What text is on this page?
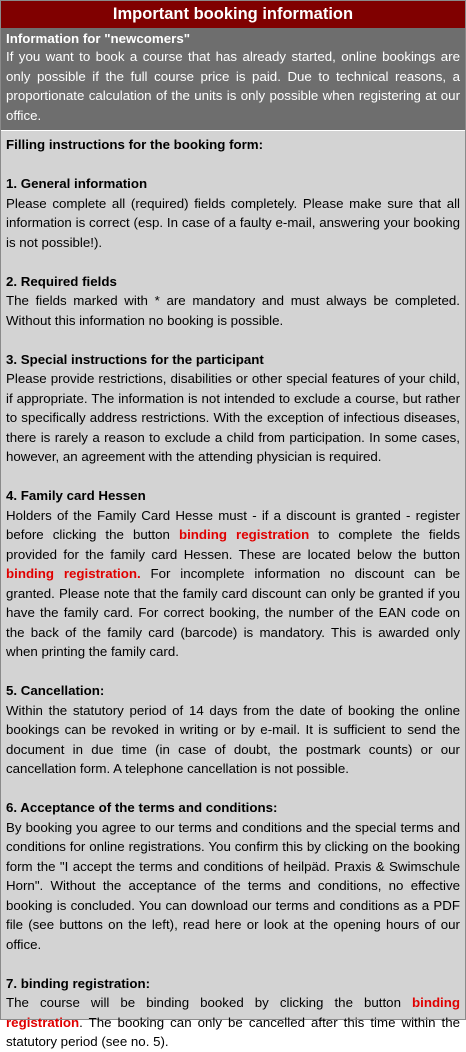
Important booking information
Information for "newcomers"
If you want to book a course that has already started, online bookings are only possible if the full course price is paid. Due to technical reasons, a proportionate calculation of the units is only possible when registering at our office.
Filling instructions for the booking form:
1. General information
Please complete all (required) fields completely. Please make sure that all information is correct (esp. In case of a faulty e-mail, answering your booking is not possible!).
2. Required fields
The fields marked with * are mandatory and must always be completed. Without this information no booking is possible.
3. Special instructions for the participant
Please provide restrictions, disabilities or other special features of your child, if appropriate. The information is not intended to exclude a course, but rather to specifically address restrictions. With the exception of infectious diseases, there is rarely a reason to exclude a child from participation. In some cases, however, an agreement with the attending physician is required.
4. Family card Hessen
Holders of the Family Card Hesse must - if a discount is granted - register before clicking the button binding registration to complete the fields provided for the family card Hessen. These are located below the button binding registration. For incomplete information no discount can be granted. Please note that the family card discount can only be granted if you have the family card. For correct booking, the number of the EAN code on the back of the family card (barcode) is mandatory. This is awarded only when printing the family card.
5. Cancellation:
Within the statutory period of 14 days from the date of booking the online bookings can be revoked in writing or by e-mail. It is sufficient to send the document in due time (in case of doubt, the postmark counts) or our cancellation form. A telephone cancellation is not possible.
6. Acceptance of the terms and conditions:
By booking you agree to our terms and conditions and the special terms and conditions for online registrations. You confirm this by clicking on the booking form the "I accept the terms and conditions of heilpäd. Praxis & Swimschule Horn". Without the acceptance of the terms and conditions, no effective booking is concluded. You can download our terms and conditions as a PDF file (see buttons on the left), read here or look at the opening hours of our office.
7. binding registration:
The course will be binding booked by clicking the button binding registration. The booking can only be cancelled after this time within the statutory period (see no. 5).
